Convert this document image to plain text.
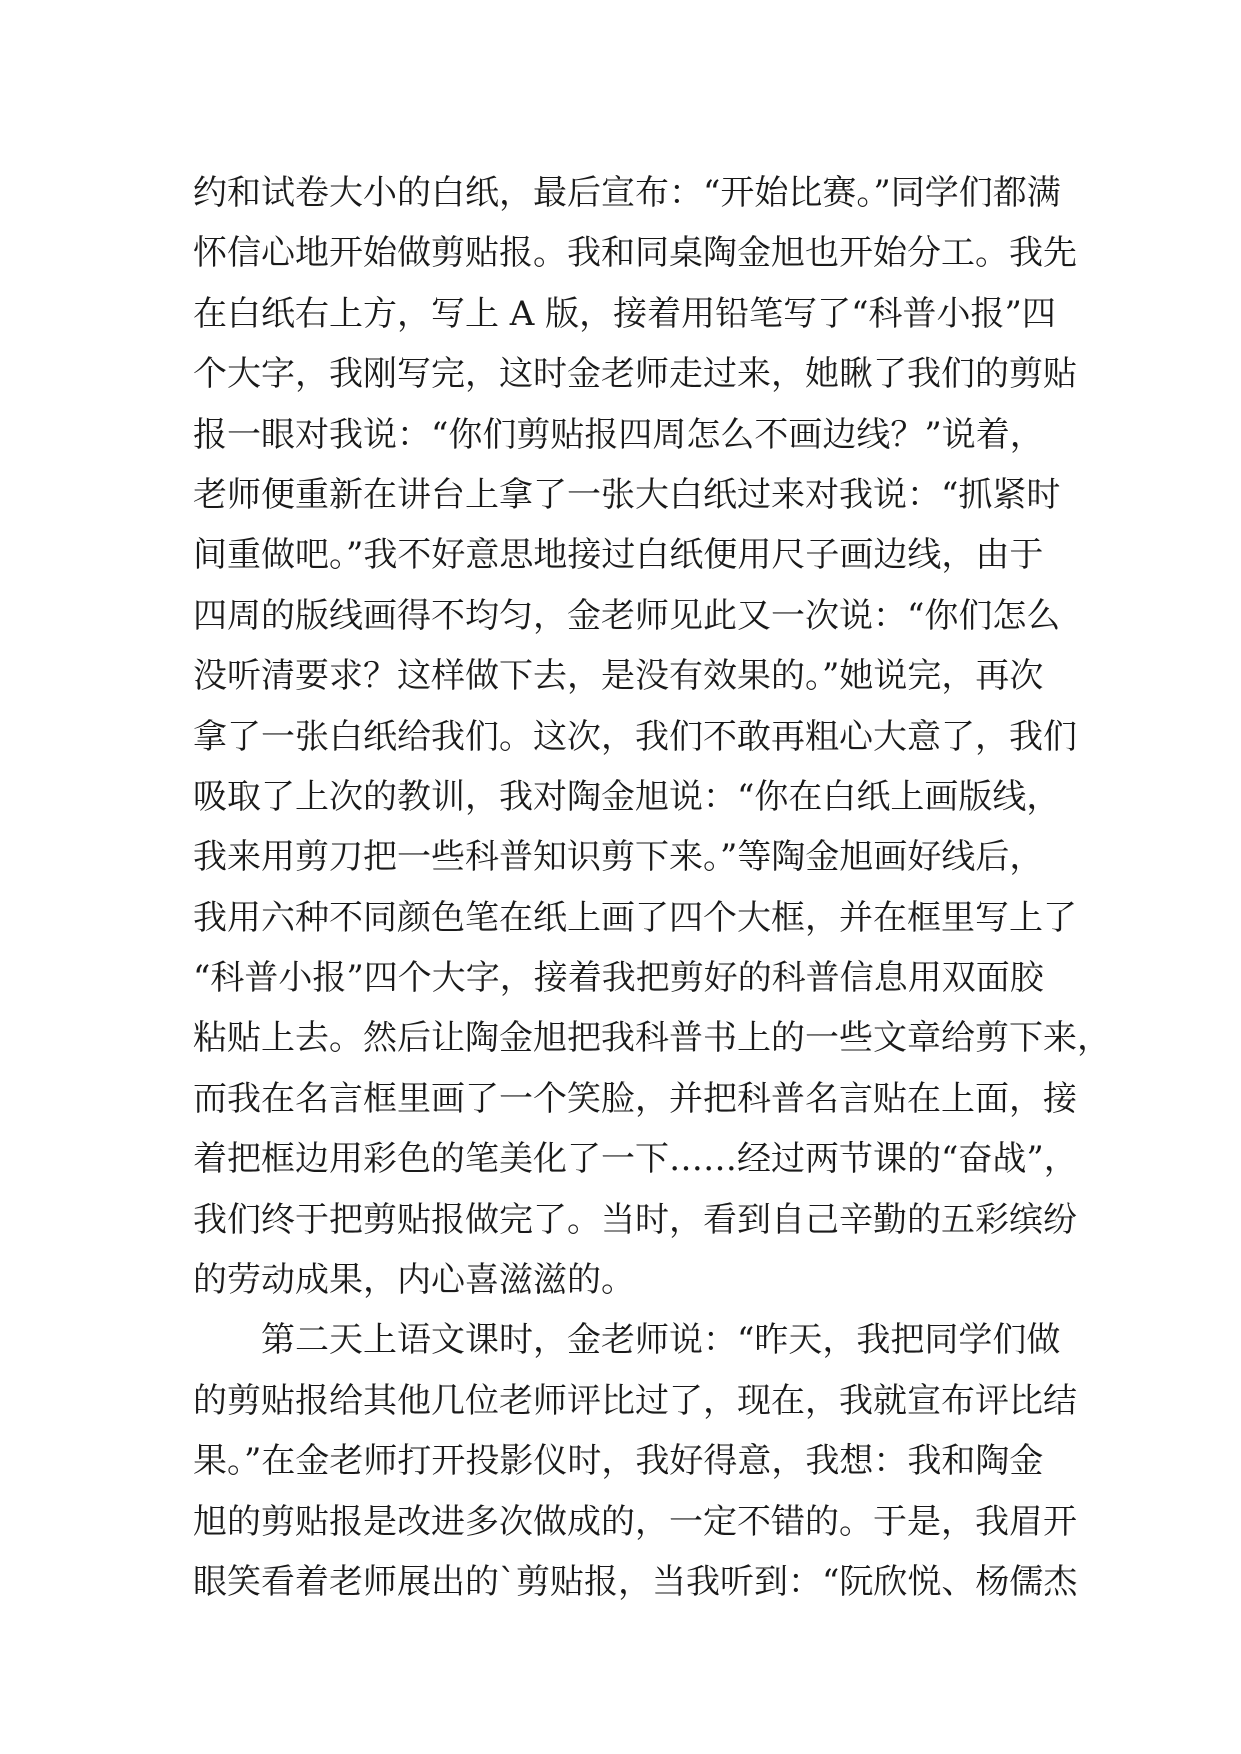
约和试卷大小的白纸，最后宣布：“开始比赛。”同学们都满
怀信心地开始做剪贴报。我和同桌陶金旭也开始分工。我先
在白纸右上方，写上 A 版，接着用铅笔写了“科普小报”四
个大字，我刚写完，这时金老师走过来，她瞅了我们的剪贴
报一眼对我说：“你们剪贴报四周怎么不画边线？”说着，
老师便重新在讲台上拿了一张大白纸过来对我说：“抓紧时
间重做吧。”我不好意思地接过白纸便用尺子画边线，由于
四周的版线画得不均匀，金老师见此又一次说：“你们怎么
没听清要求？这样做下去，是没有效果的。”她说完，再次
拿了一张白纸给我们。这次，我们不敢再粗心大意了，我们
吸取了上次的教训，我对陶金旭说：“你在白纸上画版线，
我来用剪刀把一些科普知识剪下来。”等陶金旭画好线后，
我用六种不同颜色笔在纸上画了四个大框，并在框里写上了
“科普小报”四个大字，接着我把剪好的科普信息用双面胶
粘贴上去。然后让陶金旭把我科普书上的一些文章给剪下来，
而我在名言框里画了一个笑脸，并把科普名言贴在上面，接
着把框边用彩色的笔美化了一下……经过两节课的“奋战”，
我们终于把剪贴报做完了。当时，看到自己辛勤的五彩缤纷
的劳动成果，内心喜滋滋的。
第二天上语文课时，金老师说：“昨天，我把同学们做
的剪贴报给其他几位老师评比过了，现在，我就宣布评比结
果。”在金老师打开投影仪时，我好得意，我想：我和陶金
旭的剪贴报是改进多次做成的，一定不错的。于是，我眉开
眼笑看着老师展出的`剪贴报，当我听到：“阮欣悦、杨儒杰
